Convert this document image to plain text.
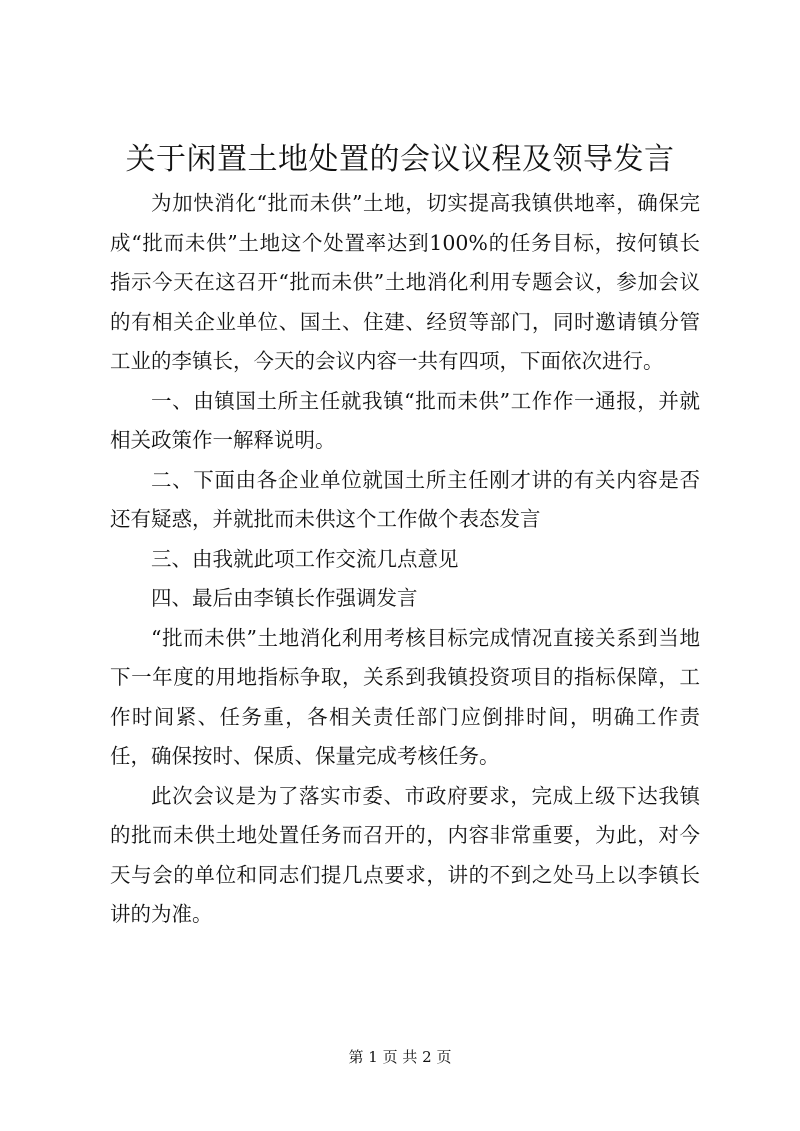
关于闲置土地处置的会议议程及领导发言

为加快消化“批而未供”土地，切实提高我镇供地率，确保完成“批而未供”土地这个处置率达到100%的任务目标，按何镇长指示今天在这召开“批而未供”土地消化利用专题会议，参加会议的有相关企业单位、国土、住建、经贸等部门，同时邀请镇分管工业的李镇长，今天的会议内容一共有四项，下面依次进行。

一、由镇国土所主任就我镇“批而未供”工作作一通报，并就相关政策作一解释说明。

二、下面由各企业单位就国土所主任刚才讲的有关内容是否还有疑惑，并就批而未供这个工作做个表态发言

三、由我就此项工作交流几点意见

四、最后由李镇长作强调发言

“批而未供”土地消化利用考核目标完成情况直接关系到当地下一年度的用地指标争取，关系到我镇投资项目的指标保障，工作时间紧、任务重，各相关责任部门应倒排时间，明确工作责任，确保按时、保质、保量完成考核任务。

此次会议是为了落实市委、市政府要求，完成上级下达我镇的批而未供土地处置任务而召开的，内容非常重要，为此，对今天与会的单位和同志们提几点要求，讲的不到之处马上以李镇长讲的为准。

第 1 页 共 2 页
